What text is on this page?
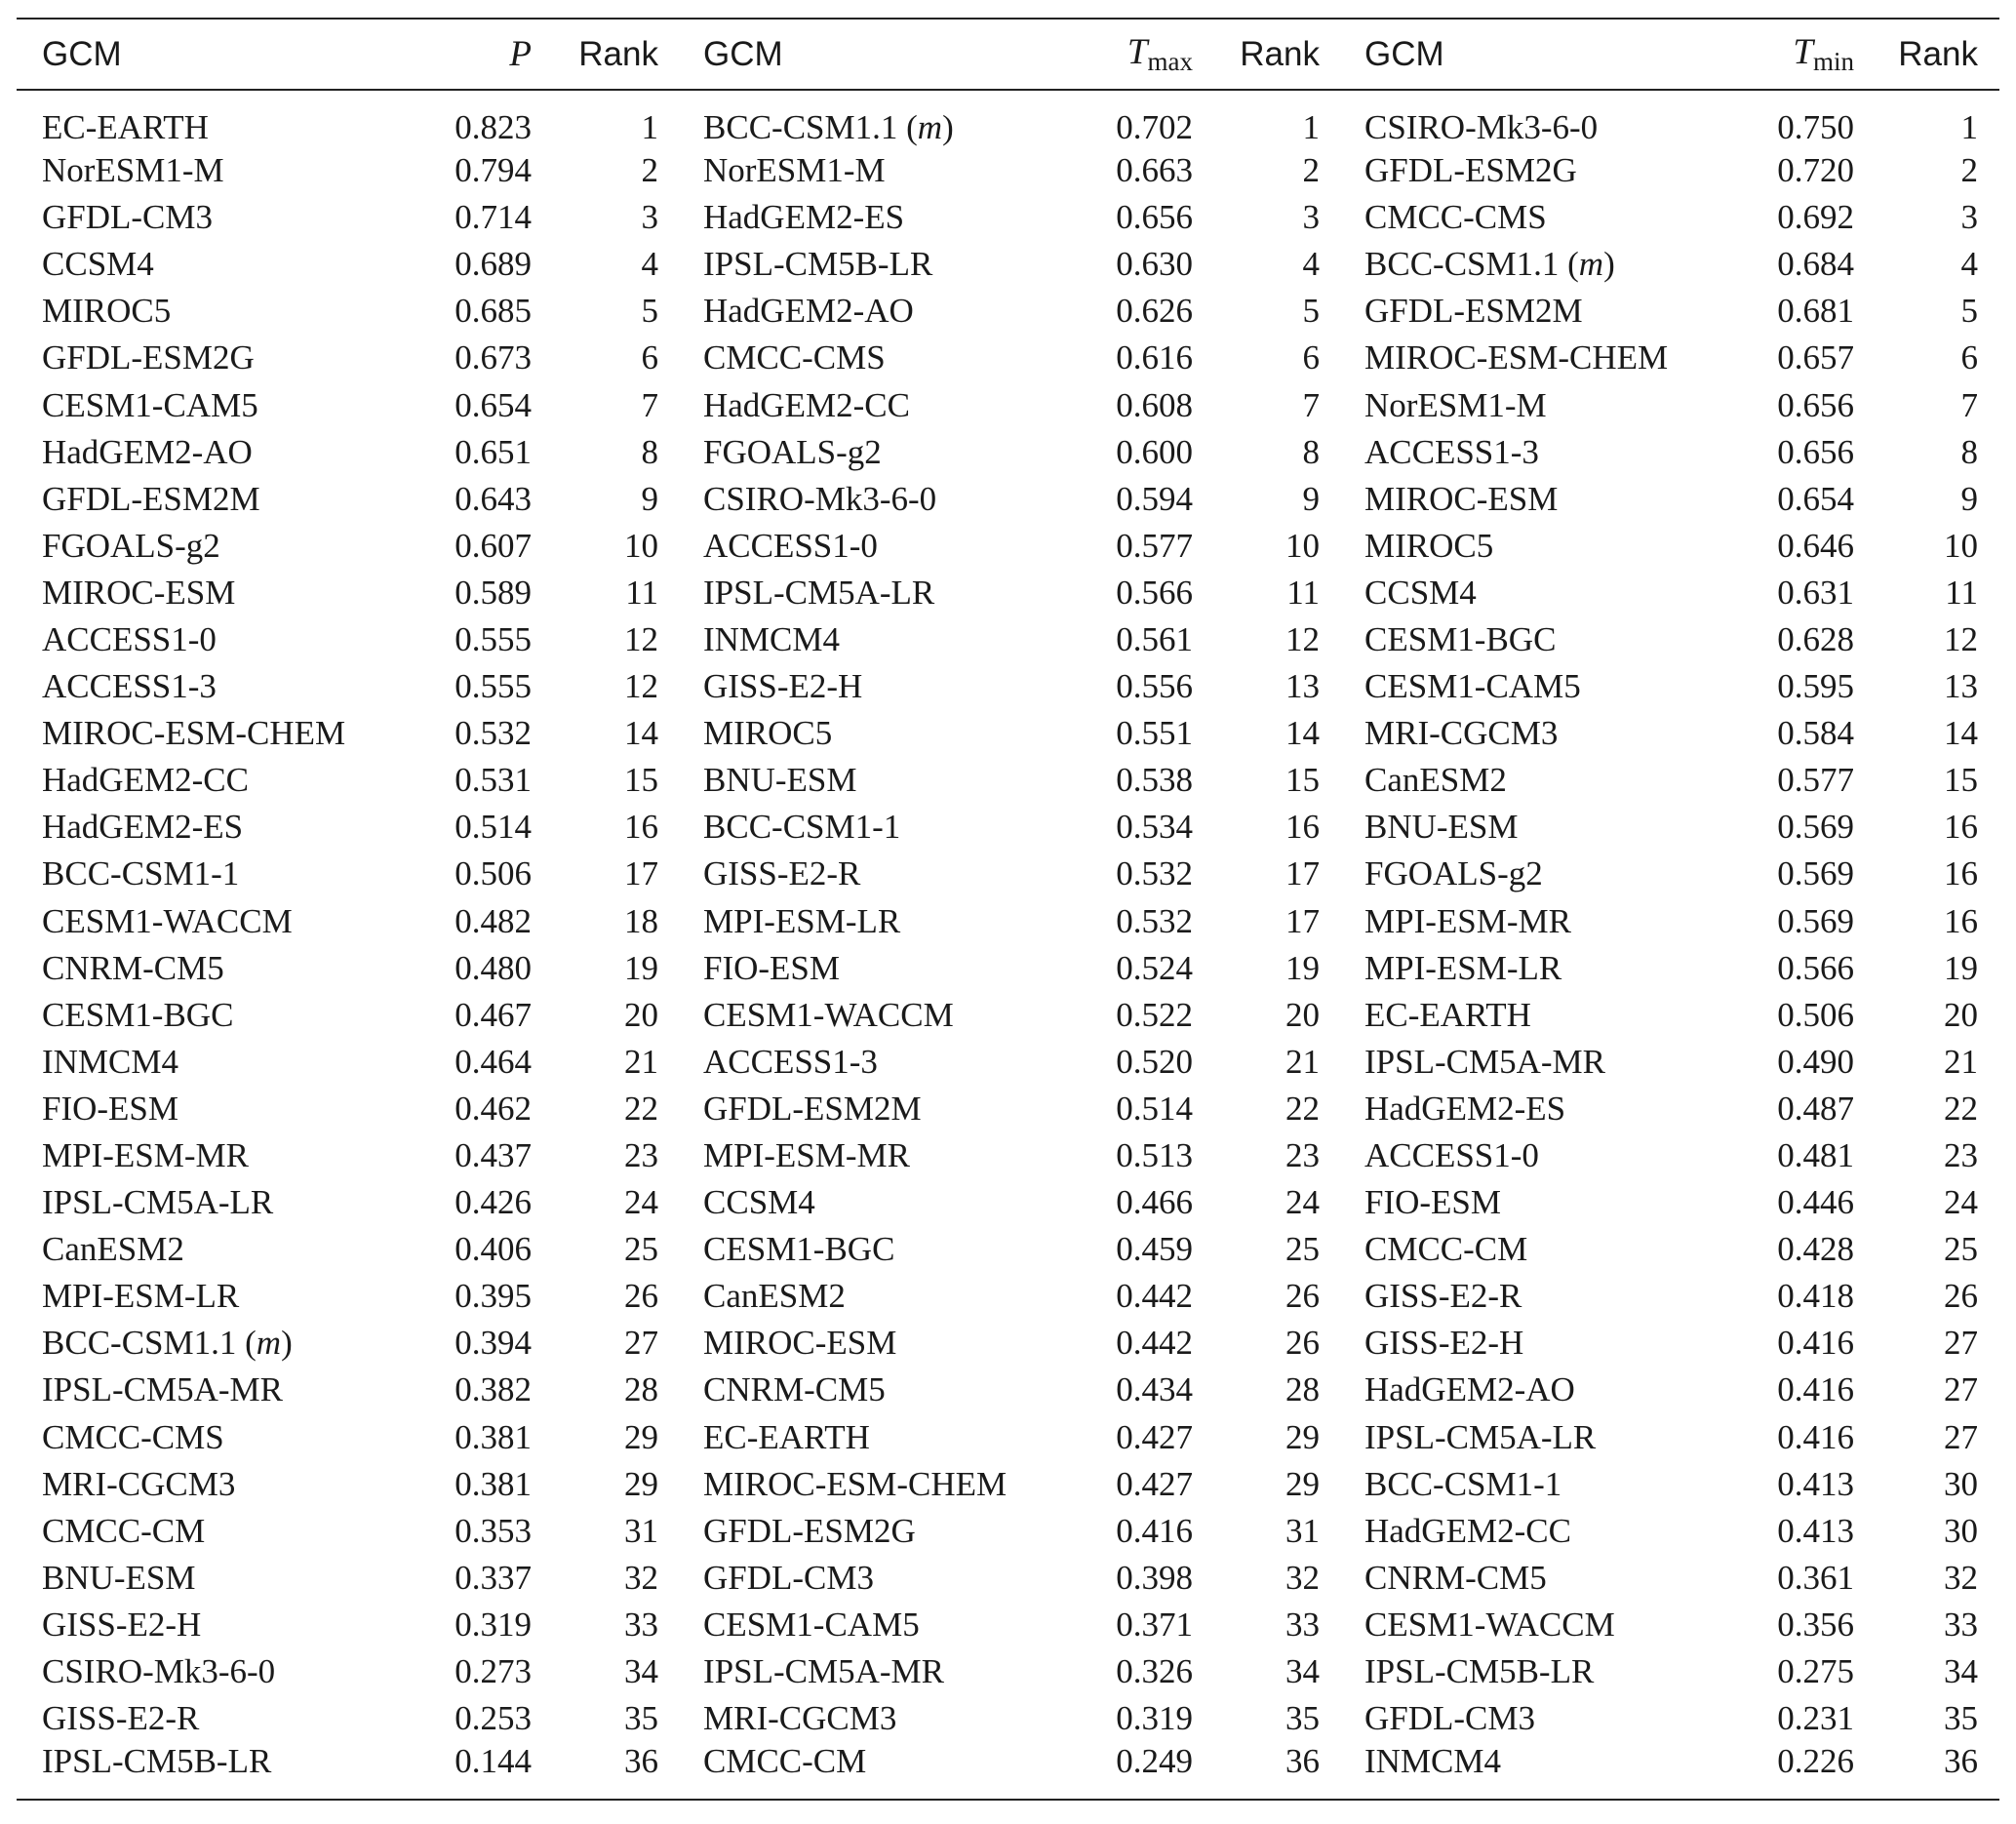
GCM	P	Rank	GCM	$T_{max}$	Rank	GCM	$T_{min}$	Rank
EC-EARTH	0.823	1	BCC-CSM1.1 (m)	0.702	1	CSIRO-Mk3-6-0	0.750	1
NorESM1-M	0.794	2	NorESM1-M	0.663	2	GFDL-ESM2G	0.720	2
GFDL-CM3	0.714	3	HadGEM2-ES	0.656	3	CMCC-CMS	0.692	3
CCSM4	0.689	4	IPSL-CM5B-LR	0.630	4	BCC-CSM1.1 (m)	0.684	4
MIROC5	0.685	5	HadGEM2-AO	0.626	5	GFDL-ESM2M	0.681	5
GFDL-ESM2G	0.673	6	CMCC-CMS	0.616	6	MIROC-ESM-CHEM	0.657	6
CESM1-CAM5	0.654	7	HadGEM2-CC	0.608	7	NorESM1-M	0.656	7
HadGEM2-AO	0.651	8	FGOALS-g2	0.600	8	ACCESS1-3	0.656	8
GFDL-ESM2M	0.643	9	CSIRO-Mk3-6-0	0.594	9	MIROC-ESM	0.654	9
FGOALS-g2	0.607	10	ACCESS1-0	0.577	10	MIROC5	0.646	10
MIROC-ESM	0.589	11	IPSL-CM5A-LR	0.566	11	CCSM4	0.631	11
ACCESS1-0	0.555	12	INMCM4	0.561	12	CESM1-BGC	0.628	12
ACCESS1-3	0.555	12	GISS-E2-H	0.556	13	CESM1-CAM5	0.595	13
MIROC-ESM-CHEM	0.532	14	MIROC5	0.551	14	MRI-CGCM3	0.584	14
HadGEM2-CC	0.531	15	BNU-ESM	0.538	15	CanESM2	0.577	15
HadGEM2-ES	0.514	16	BCC-CSM1-1	0.534	16	BNU-ESM	0.569	16
BCC-CSM1-1	0.506	17	GISS-E2-R	0.532	17	FGOALS-g2	0.569	16
CESM1-WACCM	0.482	18	MPI-ESM-LR	0.532	17	MPI-ESM-MR	0.569	16
CNRM-CM5	0.480	19	FIO-ESM	0.524	19	MPI-ESM-LR	0.566	19
CESM1-BGC	0.467	20	CESM1-WACCM	0.522	20	EC-EARTH	0.506	20
INMCM4	0.464	21	ACCESS1-3	0.520	21	IPSL-CM5A-MR	0.490	21
FIO-ESM	0.462	22	GFDL-ESM2M	0.514	22	HadGEM2-ES	0.487	22
MPI-ESM-MR	0.437	23	MPI-ESM-MR	0.513	23	ACCESS1-0	0.481	23
IPSL-CM5A-LR	0.426	24	CCSM4	0.466	24	FIO-ESM	0.446	24
CanESM2	0.406	25	CESM1-BGC	0.459	25	CMCC-CM	0.428	25
MPI-ESM-LR	0.395	26	CanESM2	0.442	26	GISS-E2-R	0.418	26
BCC-CSM1.1 (m)	0.394	27	MIROC-ESM	0.442	26	GISS-E2-H	0.416	27
IPSL-CM5A-MR	0.382	28	CNRM-CM5	0.434	28	HadGEM2-AO	0.416	27
CMCC-CMS	0.381	29	EC-EARTH	0.427	29	IPSL-CM5A-LR	0.416	27
MRI-CGCM3	0.381	29	MIROC-ESM-CHEM	0.427	29	BCC-CSM1-1	0.413	30
CMCC-CM	0.353	31	GFDL-ESM2G	0.416	31	HadGEM2-CC	0.413	30
BNU-ESM	0.337	32	GFDL-CM3	0.398	32	CNRM-CM5	0.361	32
GISS-E2-H	0.319	33	CESM1-CAM5	0.371	33	CESM1-WACCM	0.356	33
CSIRO-Mk3-6-0	0.273	34	IPSL-CM5A-MR	0.326	34	IPSL-CM5B-LR	0.275	34
GISS-E2-R	0.253	35	MRI-CGCM3	0.319	35	GFDL-CM3	0.231	35
IPSL-CM5B-LR	0.144	36	CMCC-CM	0.249	36	INMCM4	0.226	36
